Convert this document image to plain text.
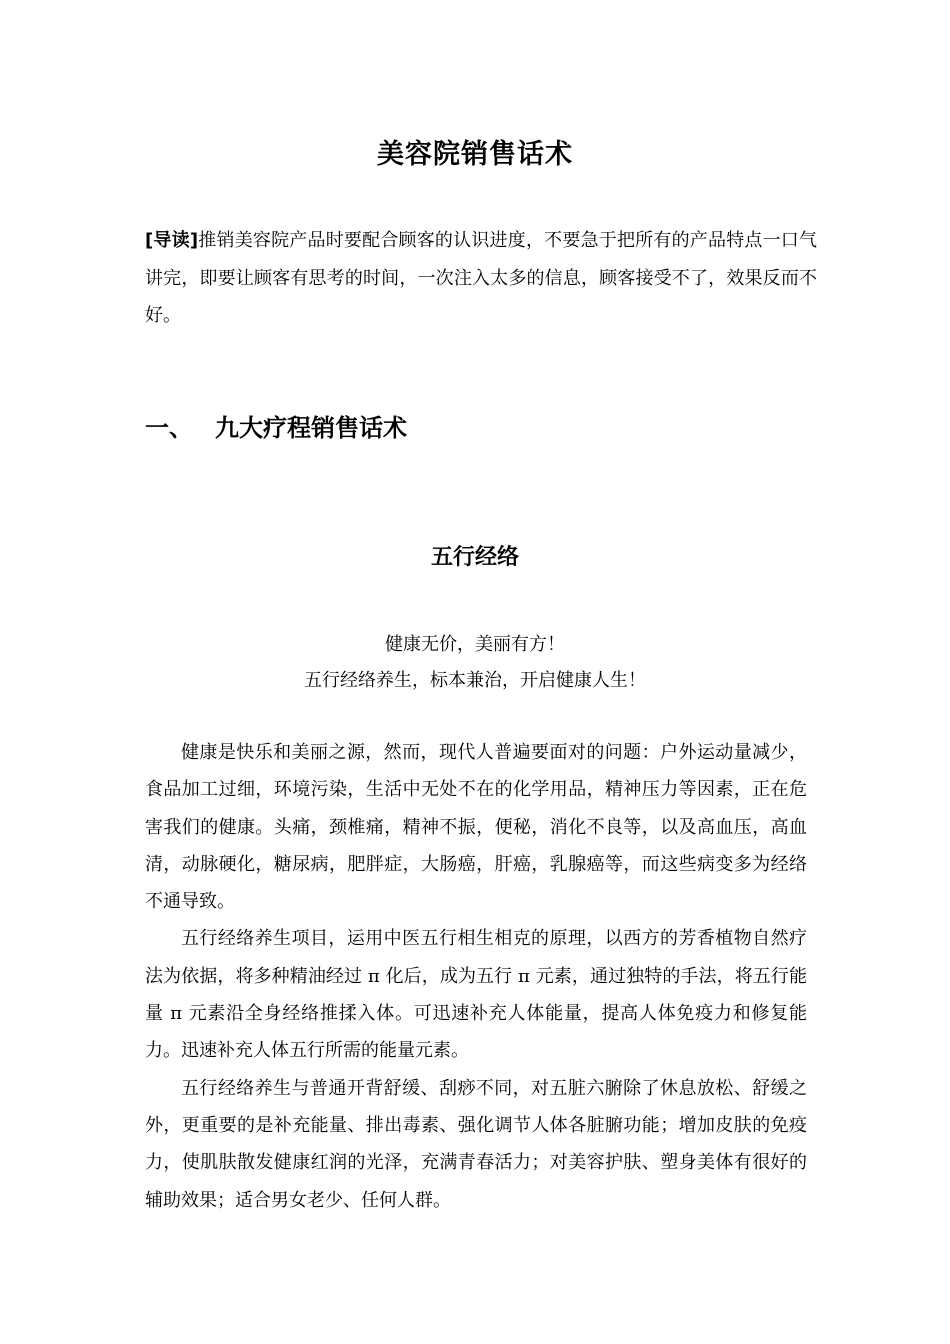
美容院销售话术
[导读]推销美容院产品时要配合顾客的认识进度，不要急于把所有的产品特点一口气讲完，即要让顾客有思考的时间，一次注入太多的信息，顾客接受不了，效果反而不好。
一、 九大疗程销售话术
五行经络
健康无价，美丽有方！
五行经络养生，标本兼治，开启健康人生！

健康是快乐和美丽之源，然而，现代人普遍要面对的问题：户外运动量减少，食品加工过细，环境污染，生活中无处不在的化学用品，精神压力等因素，正在危害我们的健康。头痛，颈椎痛，精神不振，便秘，消化不良等，以及高血压，高血清，动脉硬化，糖尿病，肥胖症，大肠癌，肝癌，乳腺癌等，而这些病变多为经络不通导致。

五行经络养生项目，运用中医五行相生相克的原理，以西方的芳香植物自然疗法为依据，将多种精油经过 π 化后，成为五行 π 元素，通过独特的手法，将五行能量 π 元素沿全身经络推揉入体。可迅速补充人体能量，提高人体免疫力和修复能力。迅速补充人体五行所需的能量元素。

五行经络养生与普通开背舒缓、刮痧不同，对五脏六腑除了休息放松、舒缓之外，更重要的是补充能量、排出毒素、强化调节人体各脏腑功能；增加皮肤的免疫力，使肌肤散发健康红润的光泽，充满青春活力；对美容护肤、塑身美体有很好的辅助效果；适合男女老少、任何人群。
